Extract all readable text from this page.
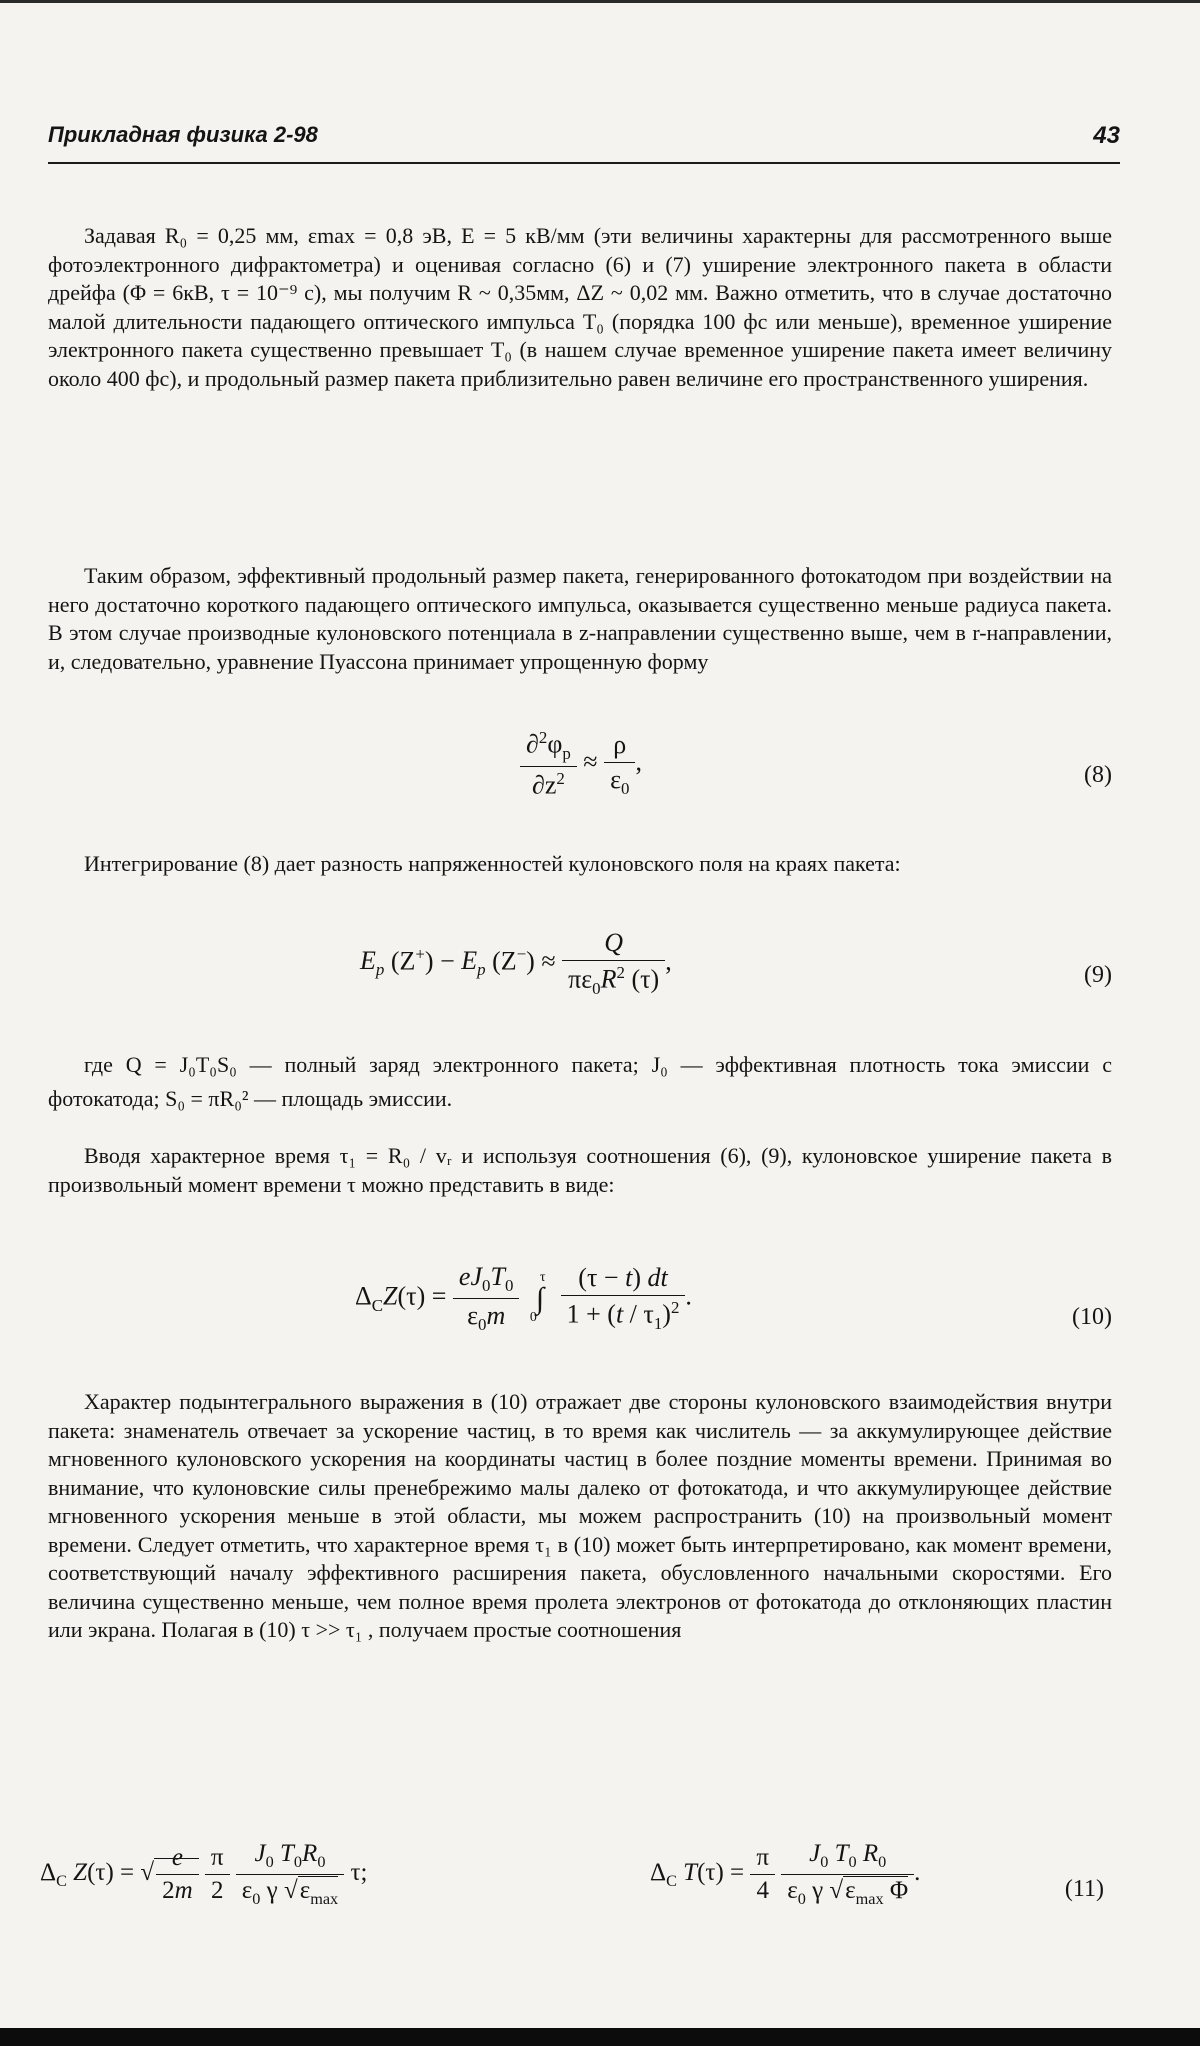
Прикладная физика 2-98	43

Задавая R₀ = 0,25 мм, εmax = 0,8 эВ, E = 5 кВ/мм (эти величины характерны для рассмотренного выше фотоэлектронного дифрактометра) и оценивая согласно (6) и (7) уширение электронного пакета в области дрейфа (Φ = 6кВ, τ = 10⁻⁹ с), мы получим R ~ 0,35мм, ΔZ ~ 0,02 мм. Важно отметить, что в случае достаточно малой длительности падающего оптического импульса T₀ (порядка 100 фс или меньше), временное уширение электронного пакета существенно превышает T₀ (в нашем случае временное уширение пакета имеет величину около 400 фс), и продольный размер пакета приблизительно равен величине его пространственного уширения.

Таким образом, эффективный продольный размер пакета, генерированного фотокатодом при воздействии на него достаточно короткого падающего оптического импульса, оказывается существенно меньше радиуса пакета. В этом случае производные кулоновского потенциала в z-направлении существенно выше, чем в r-направлении, и, следовательно, уравнение Пуассона принимает упрощенную форму

$\frac{\partial^2\varphi_p}{\partial z^2} \approx \frac{\rho}{\varepsilon_0}$ ,	(8)

Интегрирование (8) дает разность напряженностей кулоновского поля на краях пакета:

$E_p$ $(Z^+) - E_p$ $(Z^-) \approx \frac{Q}{\pi\varepsilon_0R^2 (\tau)}$ ,	(9)

где Q = J₀T₀S₀ — полный заряд электронного пакета; J₀ — эффективная плотность тока эмиссии с фотокатода; S₀ = πR₀² — площадь эмиссии.

Вводя характерное время τ₁ = R₀ / vᵣ и используя соотношения (6), (9), кулоновское уширение пакета в произвольный момент времени τ можно представить в виде:

$\Delta_CZ(\tau) = \frac{eJ_0T_0}{\varepsilon_0m}$ ∫
τ
0
$\frac{(\tau - t) dt}{1 + (t / \tau_1)^2}$ .
(10)

Характер подынтегрального выражения в (10) отражает две стороны кулоновского взаимодействия внутри пакета: знаменатель отвечает за ускорение частиц, в то время как числитель — за аккумулирующее действие мгновенного кулоновского ускорения на координаты частиц в более поздние моменты времени. Принимая во внимание, что кулоновские силы пренебрежимо малы далеко от фотокатода, и что аккумулирующее действие мгновенного ускорения меньше в этой области, мы можем распространить (10) на произвольный момент времени. Следует отметить, что характерное время τ₁ в (10) может быть интерпретировано, как момент времени, соответствующий началу эффективного расширения пакета, обусловленного начальными скоростями. Его величина существенно меньше, чем полное время пролета электронов от фотокатода до отклоняющих пластин или экрана. Полагая в (10) τ >> τ₁ , получаем простые соотношения

$\Delta_C$ Z(τ) = √ $\frac{e}{2m}$
$\frac{\pi}{2}$
$\frac{J_0 T_0R_0}{\varepsilon_0 \gamma √\varepsilon_{max}} \tau$;	$\Delta_C$ $T(\tau) = \frac{\pi}{4}$
$\frac{J_0 T_0 R_0}{\varepsilon_0 \gamma √\varepsilon_{max} \Phi}$ .
(11)
